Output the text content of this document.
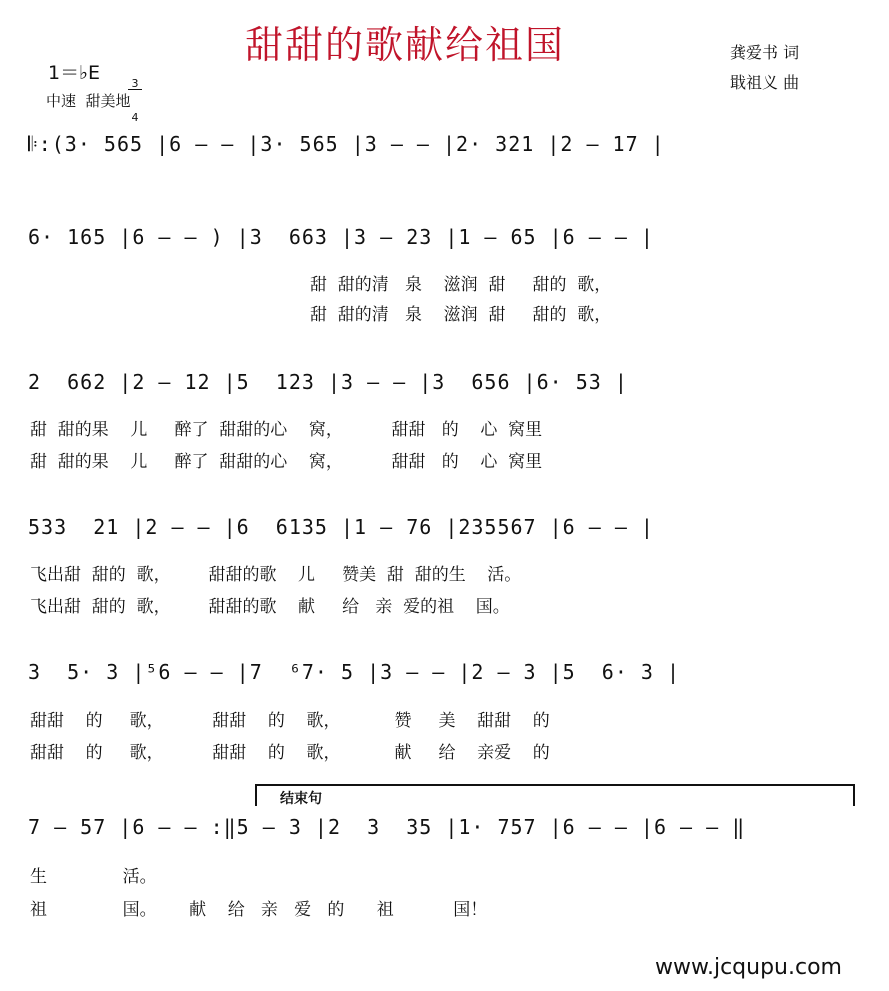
甜甜的歌献给祖国
1＝♭E

	$\frac{3}{4}$

中速  甜美地
龚爱书 词
戢祖义 曲
𝄆:(3· 565 |6 — — |3· 565 |3 — — |2· 321 |2 — 17 |
6· 165 |6 — — ) |3  663 |3 — 23 |1 — 65 |6 — — |
甜  甜的清   泉    滋润  甜     甜的  歌，
甜  甜的清   泉    滋润  甜     甜的  歌，
2  662 |2 — 12 |5  123 |3 — — |3  656 |6· 53 |
甜  甜的果    儿     醉了  甜甜的心    窝，         甜甜   的    心  窝里
甜  甜的果    儿     醉了  甜甜的心    窝，         甜甜   的    心  窝里
533  21 |2 — — |6  6135 |1 — 76 |235567 |6 — — |
飞出甜  甜的  歌，       甜甜的歌    儿     赞美  甜  甜的生    活。
飞出甜  甜的  歌，       甜甜的歌    献     给   亲  爱的祖    国。
3  5· 3 |⁵6 — — |7  ⁶7· 5 |3 — — |2 — 3 |5  6· 3 |
甜甜    的     歌，         甜甜    的    歌，          赞     美    甜甜    的
甜甜    的     歌，         甜甜    的    歌，          献     给    亲爱    的
结束句
7 — 57 |6 — — :‖5 — 3 |2  3  35 |1· 757 |6 — — |6 — — ‖
生              活。
祖              国。      献    给   亲   爱   的      祖           国！
www.jcqupu.com
